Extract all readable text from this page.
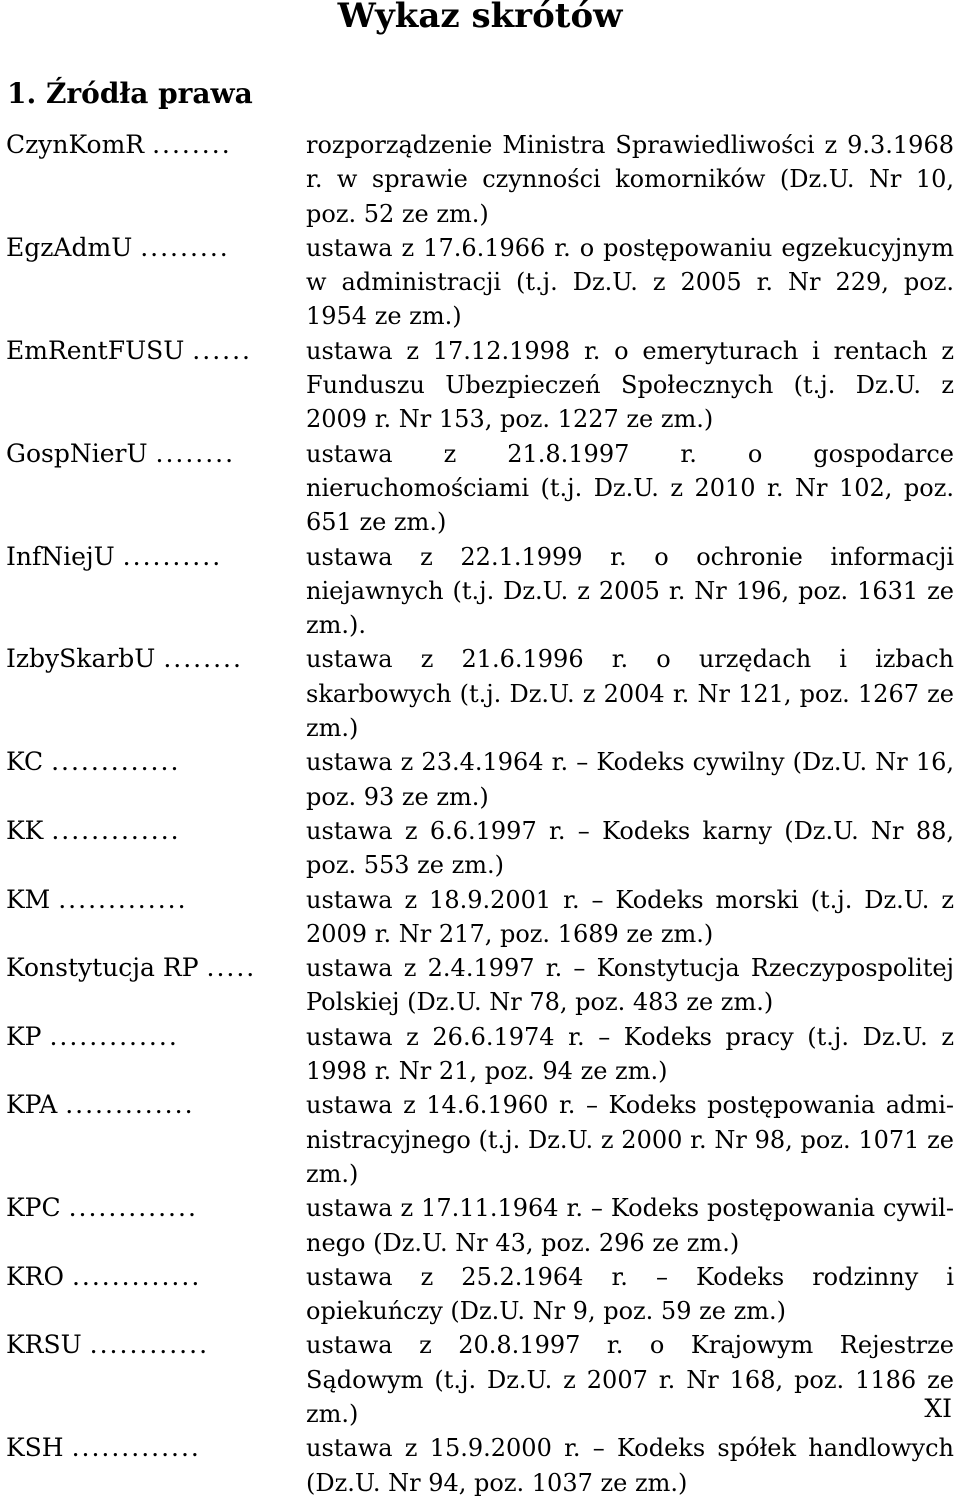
Wykaz skrótów
1. Źródła prawa
CzynKomR ........	rozporządzenie Ministra Sprawiedliwości z 9.3.1968 r. w sprawie czynności komorników (Dz.U. Nr 10, poz. 52 ze zm.)
EgzAdmU .........	ustawa z 17.6.1966 r. o postępowaniu egzekucyjnym w administracji (t.j. Dz.U. z 2005 r. Nr 229, poz. 1954 ze zm.)
EmRentFUSU ......	ustawa z 17.12.1998 r. o emeryturach i rentach z Funduszu Ubezpieczeń Społecznych (t.j. Dz.U. z 2009 r. Nr 153, poz. 1227 ze zm.)
GospNierU ........	ustawa z 21.8.1997 r. o gospodarce nieruchomościami (t.j. Dz.U. z 2010 r. Nr 102, poz. 651 ze zm.)
InfNiejU ..........	ustawa z 22.1.1999 r. o ochronie informacji niejawnych (t.j. Dz.U. z 2005 r. Nr 196, poz. 1631 ze zm.).
IzbySkarbU ........	ustawa z 21.6.1996 r. o urzędach i izbach skarbowych (t.j. Dz.U. z 2004 r. Nr 121, poz. 1267 ze zm.)
KC .............	ustawa z 23.4.1964 r. – Kodeks cywilny (Dz.U. Nr 16, poz. 93 ze zm.)
KK .............	ustawa z 6.6.1997 r. – Kodeks karny (Dz.U. Nr 88, poz. 553 ze zm.)
KM .............	ustawa z 18.9.2001 r. – Kodeks morski (t.j. Dz.U. z 2009 r. Nr 217, poz. 1689 ze zm.)
Konstytucja RP .....	ustawa z 2.4.1997 r. – Konstytucja Rzeczypospolitej Polskiej (Dz.U. Nr 78, poz. 483 ze zm.)
KP .............	ustawa z 26.6.1974 r. – Kodeks pracy (t.j. Dz.U. z 1998 r. Nr 21, poz. 94 ze zm.)
KPA .............	ustawa z 14.6.1960 r. – Kodeks postępowania administracyjnego (t.j. Dz.U. z 2000 r. Nr 98, poz. 1071 ze zm.)
KPC .............	ustawa z 17.11.1964 r. – Kodeks postępowania cywilnego (Dz.U. Nr 43, poz. 296 ze zm.)
KRO .............	ustawa z 25.2.1964 r. – Kodeks rodzinny i opiekuńczy (Dz.U. Nr 9, poz. 59 ze zm.)
KRSU ............	ustawa z 20.8.1997 r. o Krajowym Rejestrze Sądowym (t.j. Dz.U. z 2007 r. Nr 168, poz. 1186 ze zm.)
KSH .............	ustawa z 15.9.2000 r. – Kodeks spółek handlowych (Dz.U. Nr 94, poz. 1037 ze zm.)
XI
